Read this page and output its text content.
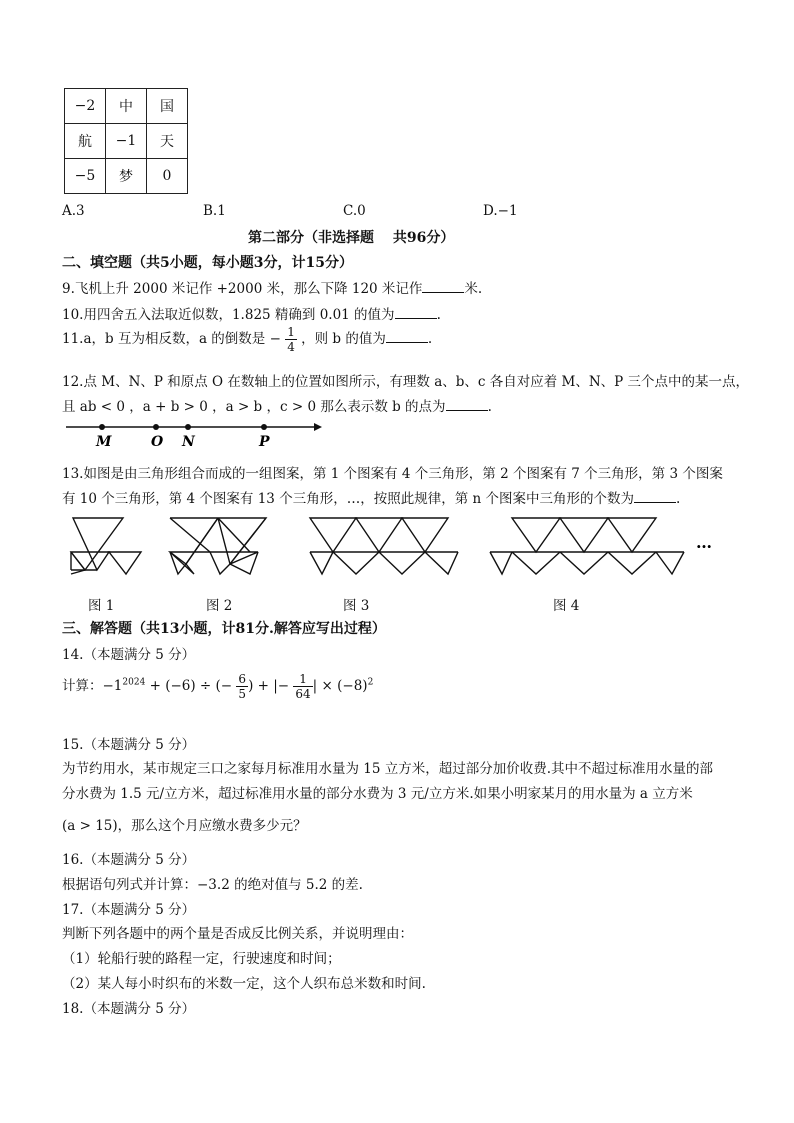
−2	中	国
航	−1	天
−5	梦	0
A.3	B.1	C.0	D.−1
第二部分（非选择题　 共96分）
二、填空题（共5小题，每小题3分，计15分）
9.飞机上升 2000 米记作 +2000 米，那么下降 120 米记作	米.
10.用四舍五入法取近似数，1.825 精确到 0.01 的值为	.
11.a，b 互为相反数，a 的倒数是 − $\frac{1}{4}$ ，则 b 的值为	.
12.点 M、N、P 和原点 O 在数轴上的位置如图所示，有理数 a、b、c 各自对应着 M、N、P 三个点中的某一点，
且 ab < 0 ，a + b > 0 ，a > b ，c > 0 那么表示数 b 的点为	.
M	O N	P
13.如图是由三角形组合而成的一组图案，第 1 个图案有 4 个三角形，第 2 个图案有 7 个三角形，第 3 个图案
有 10 个三角形，第 4 个图案有 13 个三角形，…，按照此规律，第 n 个图案中三角形的个数为	.
…
图 1	图 2	图 3	图 4
三、解答题（共13小题，计81分.解答应写出过程）
14.（本题满分 5 分）
计算：$-1^{2024} + (-6)$ ÷ (− $\frac{6}{5}$ ) + |− $\frac{1}{64}$ | × $(-8)^2$
15.（本题满分 5 分）
为节约用水，某市规定三口之家每月标准用水量为 15 立方米，超过部分加价收费.其中不超过标准用水量的部
分水费为 1.5 元/立方米，超过标准用水量的部分水费为 3 元/立方米.如果小明家某月的用水量为 a 立方米
(a > 15)，那么这个月应缴水费多少元？
16.（本题满分 5 分）
根据语句列式并计算：−3.2 的绝对值与 5.2 的差.
17.（本题满分 5 分）
判断下列各题中的两个量是否成反比例关系，并说明理由：
（1）轮船行驶的路程一定，行驶速度和时间；
（2）某人每小时织布的米数一定，这个人织布总米数和时间.
18.（本题满分 5 分）
